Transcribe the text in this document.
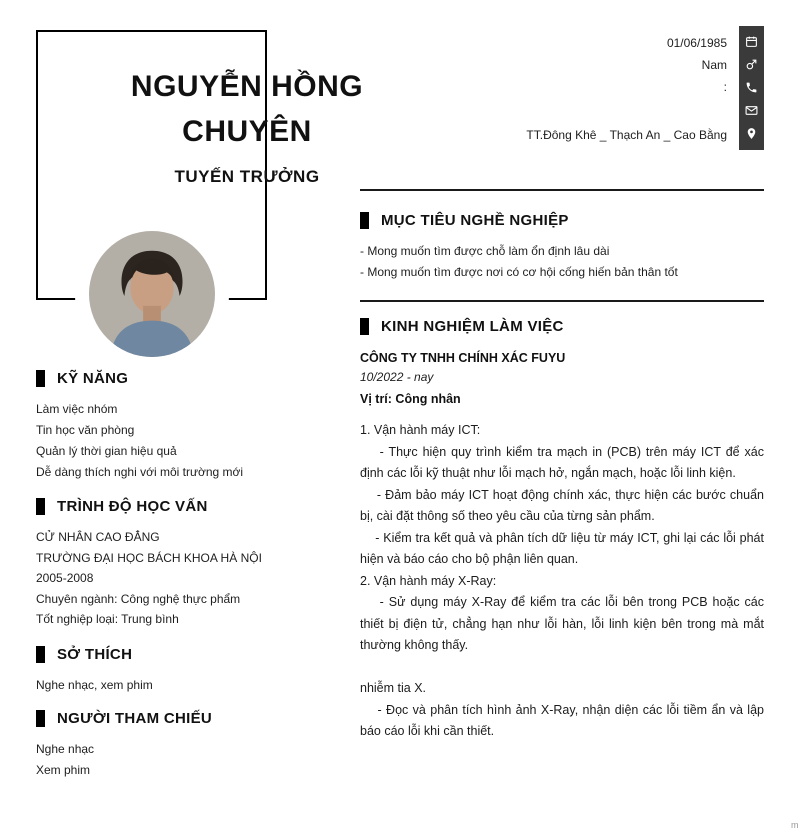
NGUYỄN HỒNG
CHUYÊN
TUYẾN TRƯỞNG
01/06/1985
Nam
:
TT.Đông Khê _ Thạch An _ Cao Bằng
KỸ NĂNG
Làm việc nhóm
Tin học văn phòng
Quản lý thời gian hiệu quả
Dễ dàng thích nghi với môi trường mới
TRÌNH ĐỘ HỌC VẤN
CỬ NHÂN CAO ĐẲNG
TRƯỜNG ĐẠI HỌC BÁCH KHOA HÀ NỘI
2005-2008
Chuyên ngành: Công nghệ thực phẩm
Tốt nghiệp loại: Trung bình
SỞ THÍCH
Nghe nhạc, xem phim
NGƯỜI THAM CHIẾU
Nghe nhạc
Xem phim
MỤC TIÊU NGHỀ NGHIỆP

- Mong muốn tìm được chỗ làm ổn định lâu dài

- Mong muốn tìm được nơi có cơ hội cống hiến bản thân tốt

KINH NGHIỆM LÀM VIỆC
CÔNG TY TNHH CHÍNH XÁC FUYU
10/2022 - nay
Vị trí: Công nhân

1. Vận hành máy ICT:

- Thực hiện quy trình kiểm tra mạch in (PCB) trên máy ICT để xác định các lỗi kỹ thuật như lỗi mạch hở, ngắn mạch, hoặc lỗi linh kiện.

- Đảm bảo máy ICT hoạt động chính xác, thực hiện các bước chuẩn bị, cài đặt thông số theo yêu cầu của từng sản phẩm.

- Kiểm tra kết quả và phân tích dữ liệu từ máy ICT, ghi lại các lỗi phát hiện và báo cáo cho bộ phận liên quan.

2. Vận hành máy X-Ray:

- Sử dụng máy X-Ray để kiểm tra các lỗi bên trong PCB hoặc các thiết bị điện tử, chẳng hạn như lỗi hàn, lỗi linh kiện bên trong mà mắt thường không thấy.

nhiễm tia X.

- Đọc và phân tích hình ảnh X-Ray, nhận diện các lỗi tiềm ẩn và lập báo cáo lỗi khi cần thiết.

m
